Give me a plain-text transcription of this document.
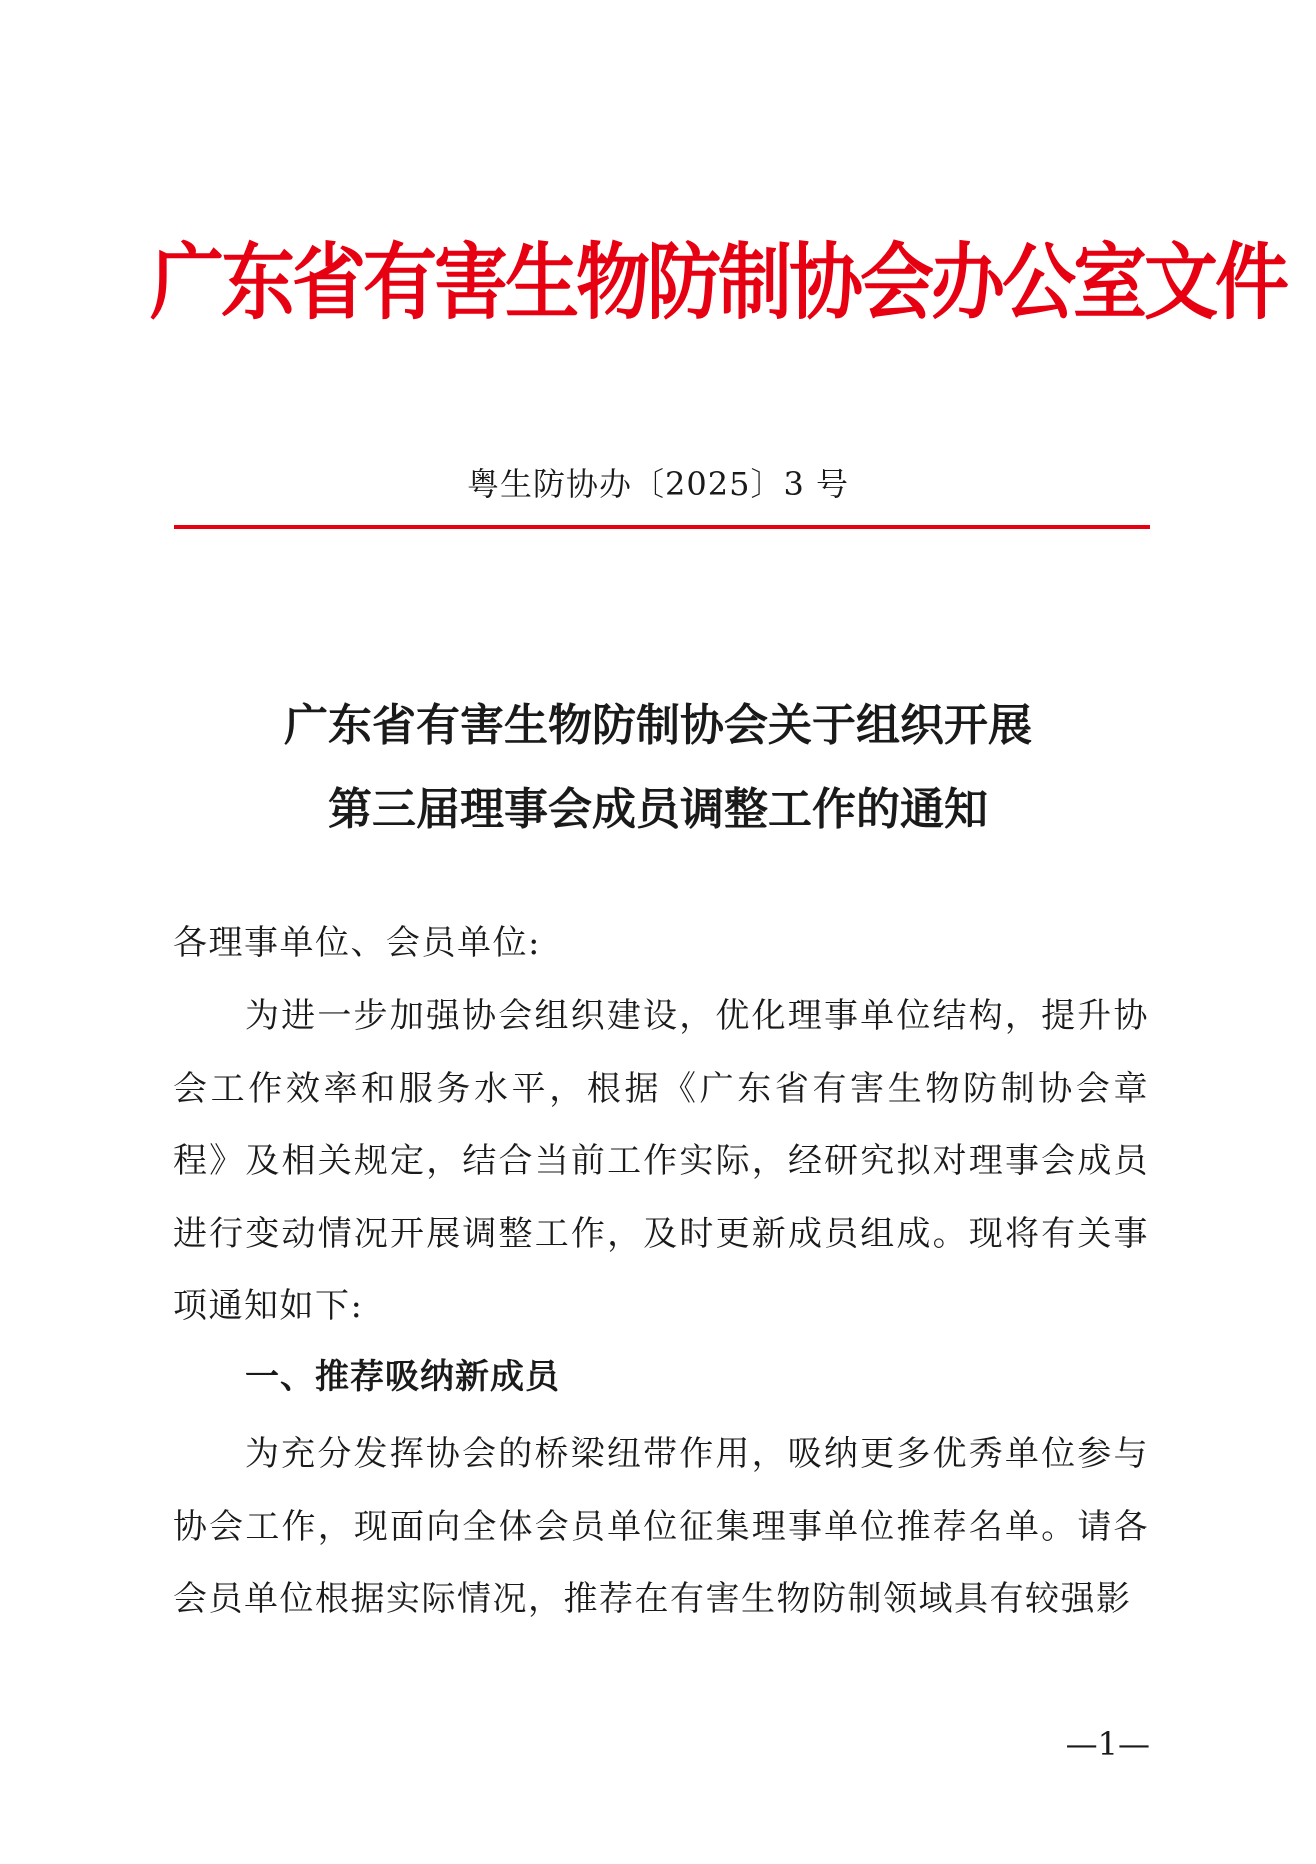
广东省有害生物防制协会办公室文件
粤生防协办〔2025〕3 号
广东省有害生物防制协会关于组织开展
第三届理事会成员调整工作的通知
各理事单位、会员单位:
为进一步加强协会组织建设，优化理事单位结构，提升协会工作效率和服务水平，根据《广东省有害生物防制协会章程》及相关规定，结合当前工作实际，经研究拟对理事会成员进行变动情况开展调整工作，及时更新成员组成。现将有关事项通知如下:
一、推荐吸纳新成员
为充分发挥协会的桥梁纽带作用，吸纳更多优秀单位参与协会工作，现面向全体会员单位征集理事单位推荐名单。请各会员单位根据实际情况，推荐在有害生物防制领域具有较强影
—1—
